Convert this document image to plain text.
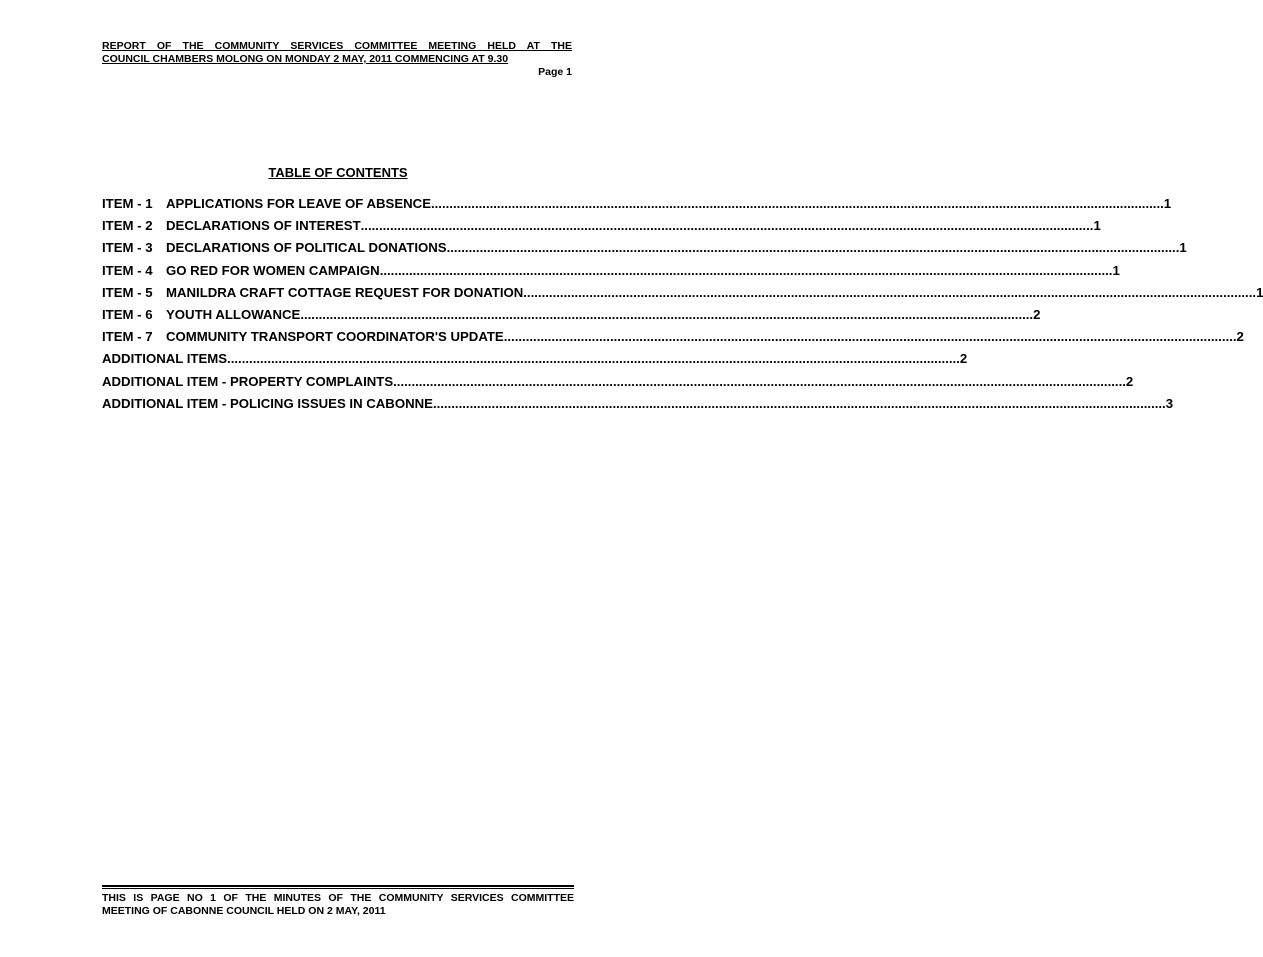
REPORT OF THE COMMUNITY SERVICES COMMITTEE MEETING HELD AT THE
COUNCIL CHAMBERS MOLONG ON MONDAY 2 MAY, 2011 COMMENCING AT 9.30
Page 1
TABLE OF CONTENTS
ITEM - 1	APPLICATIONS FOR LEAVE OF ABSENCE ........................................................................................................................................................................................................ 1
ITEM - 2	DECLARATIONS OF INTEREST ........................................................................................................................................................................................................ 1
ITEM - 3	DECLARATIONS OF POLITICAL DONATIONS ........................................................................................................................................................................................................ 1
ITEM - 4	GO RED FOR WOMEN CAMPAIGN ........................................................................................................................................................................................................ 1
ITEM - 5	MANILDRA CRAFT COTTAGE REQUEST FOR DONATION ........................................................................................................................................................................................................ 1
ITEM - 6	YOUTH ALLOWANCE ........................................................................................................................................................................................................ 2
ITEM - 7	COMMUNITY TRANSPORT COORDINATOR'S UPDATE ........................................................................................................................................................................................................ 2
ADDITIONAL ITEMS ........................................................................................................................................................................................................ 2
ADDITIONAL ITEM - PROPERTY COMPLAINTS ........................................................................................................................................................................................................ 2
ADDITIONAL ITEM - POLICING ISSUES IN CABONNE ........................................................................................................................................................................................................ 3
THIS IS PAGE NO 1 OF THE MINUTES OF THE COMMUNITY SERVICES COMMITTEE
MEETING OF CABONNE COUNCIL HELD ON 2 MAY, 2011
